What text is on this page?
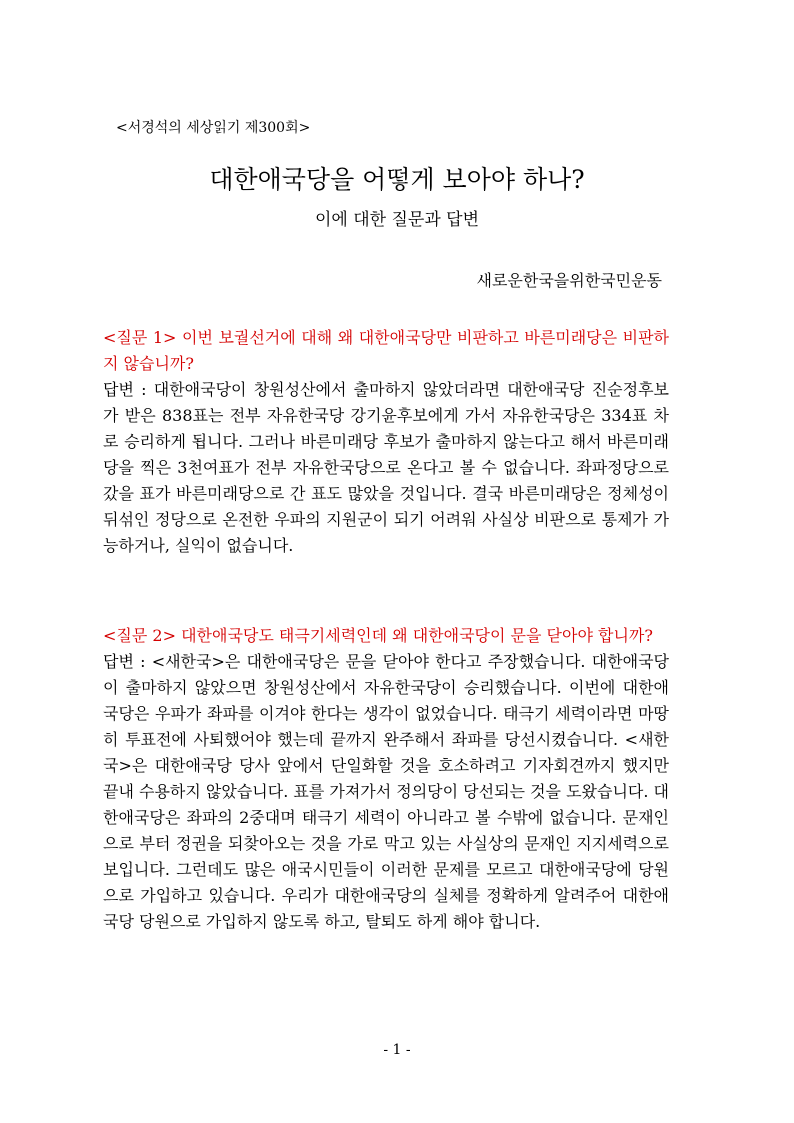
<서경석의 세상읽기 제300회>
대한애국당을 어떻게 보아야 하나?
이에 대한 질문과 답변
새로운한국을위한국민운동
<질문 1> 이번 보궐선거에 대해 왜 대한애국당만 비판하고 바른미래당은 비판하지 않습니까?
답변 : 대한애국당이 창원성산에서 출마하지 않았더라면 대한애국당 진순정후보가 받은 838표는 전부 자유한국당 강기윤후보에게 가서 자유한국당은 334표 차로 승리하게 됩니다. 그러나 바른미래당 후보가 출마하지 않는다고 해서 바른미래당을 찍은 3천여표가 전부 자유한국당으로 온다고 볼 수 없습니다. 좌파정당으로 갔을 표가 바른미래당으로 간 표도 많았을 것입니다. 결국 바른미래당은 정체성이 뒤섞인 정당으로 온전한 우파의 지원군이 되기 어려워 사실상 비판으로 통제가 가능하거나, 실익이 없습니다.
<질문 2> 대한애국당도 태극기세력인데 왜 대한애국당이 문을 닫아야 합니까?
답변 : <새한국>은 대한애국당은 문을 닫아야 한다고 주장했습니다. 대한애국당이 출마하지 않았으면 창원성산에서 자유한국당이 승리했습니다. 이번에 대한애국당은 우파가 좌파를 이겨야 한다는 생각이 없었습니다. 태극기 세력이라면 마땅히 투표전에 사퇴했어야 했는데 끝까지 완주해서 좌파를 당선시켰습니다. <새한국>은 대한애국당 당사 앞에서 단일화할 것을 호소하려고 기자회견까지 했지만 끝내 수용하지 않았습니다. 표를 가져가서 정의당이 당선되는 것을 도왔습니다. 대한애국당은 좌파의 2중대며 태극기 세력이 아니라고 볼 수밖에 없습니다. 문재인으로 부터 정권을 되찾아오는 것을 가로 막고 있는 사실상의 문재인 지지세력으로 보입니다. 그런데도 많은 애국시민들이 이러한 문제를 모르고 대한애국당에 당원으로 가입하고 있습니다. 우리가 대한애국당의 실체를 정확하게 알려주어 대한애국당 당원으로 가입하지 않도록 하고, 탈퇴도 하게 해야 합니다.
- 1 -
